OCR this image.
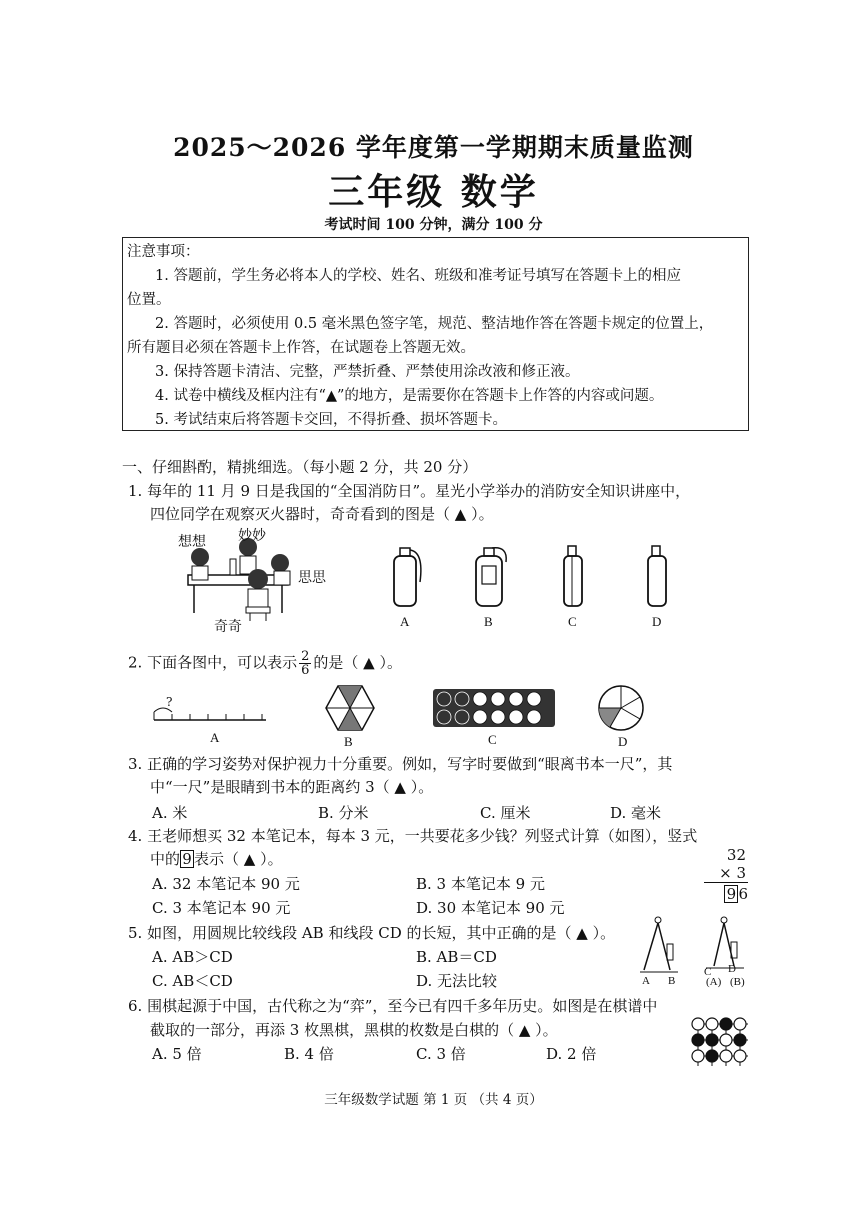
2025～2026 学年度第一学期期末质量监测
三年级 数学
考试时间 100 分钟，满分 100 分
注意事项：
1. 答题前，学生务必将本人的学校、姓名、班级和准考证号填写在答题卡上的相应
位置。
2. 答题时，必须使用 0.5 毫米黑色签字笔，规范、整洁地作答在答题卡规定的位置上，
所有题目必须在答题卡上作答，在试题卷上答题无效。
3. 保持答题卡清洁、完整，严禁折叠、严禁使用涂改液和修正液。
4. 试卷中横线及框内注有“▲”的地方，是需要你在答题卡上作答的内容或问题。
5. 考试结束后将答题卡交回，不得折叠、损坏答题卡。
一、仔细斟酌，精挑细选。（每小题 2 分，共 20 分）
1. 每年的 11 月 9 日是我国的“全国消防日”。星光小学举办的消防安全知识讲座中，
四位同学在观察灭火器时，奇奇看到的图是（ ▲ ）。
想想 妙妙
思思
奇奇	A	B	C	D
2. 下面各图中，可以表示 $\frac{2}{6}$ 的是（ ▲ ）。
?
A	B	C	D
3. 正确的学习姿势对保护视力十分重要。例如，写字时要做到“眼离书本一尺”，其
中“一尺”是眼睛到书本的距离约 3（ ▲ ）。
A. 米	B. 分米	C. 厘米	D. 毫米
4. 王老师想买 32 本笔记本，每本 3 元，一共要花多少钱？列竖式计算（如图），竖式
中的 9 表示（ ▲ ）。
A. 32 本笔记本 90 元	B. 3 本笔记本 9 元
C. 3 本笔记本 90 元	D. 30 本笔记本 90 元
32
× 3
9 6
5. 如图，用圆规比较线段 AB 和线段 CD 的长短，其中正确的是（ ▲ ）。
A. AB＞CD	B. AB＝CD
C. AB＜CD	D. 无法比较	A B
C D
(A) (B)
6. 围棋起源于中国，古代称之为“弈”，至今已有四千多年历史。如图是在棋谱中
截取的一部分，再添 3 枚黑棋，黑棋的枚数是白棋的（ ▲ ）。
A. 5 倍	B. 4 倍	C. 3 倍	D. 2 倍
三年级数学试题 第 1 页 （共 4 页）
